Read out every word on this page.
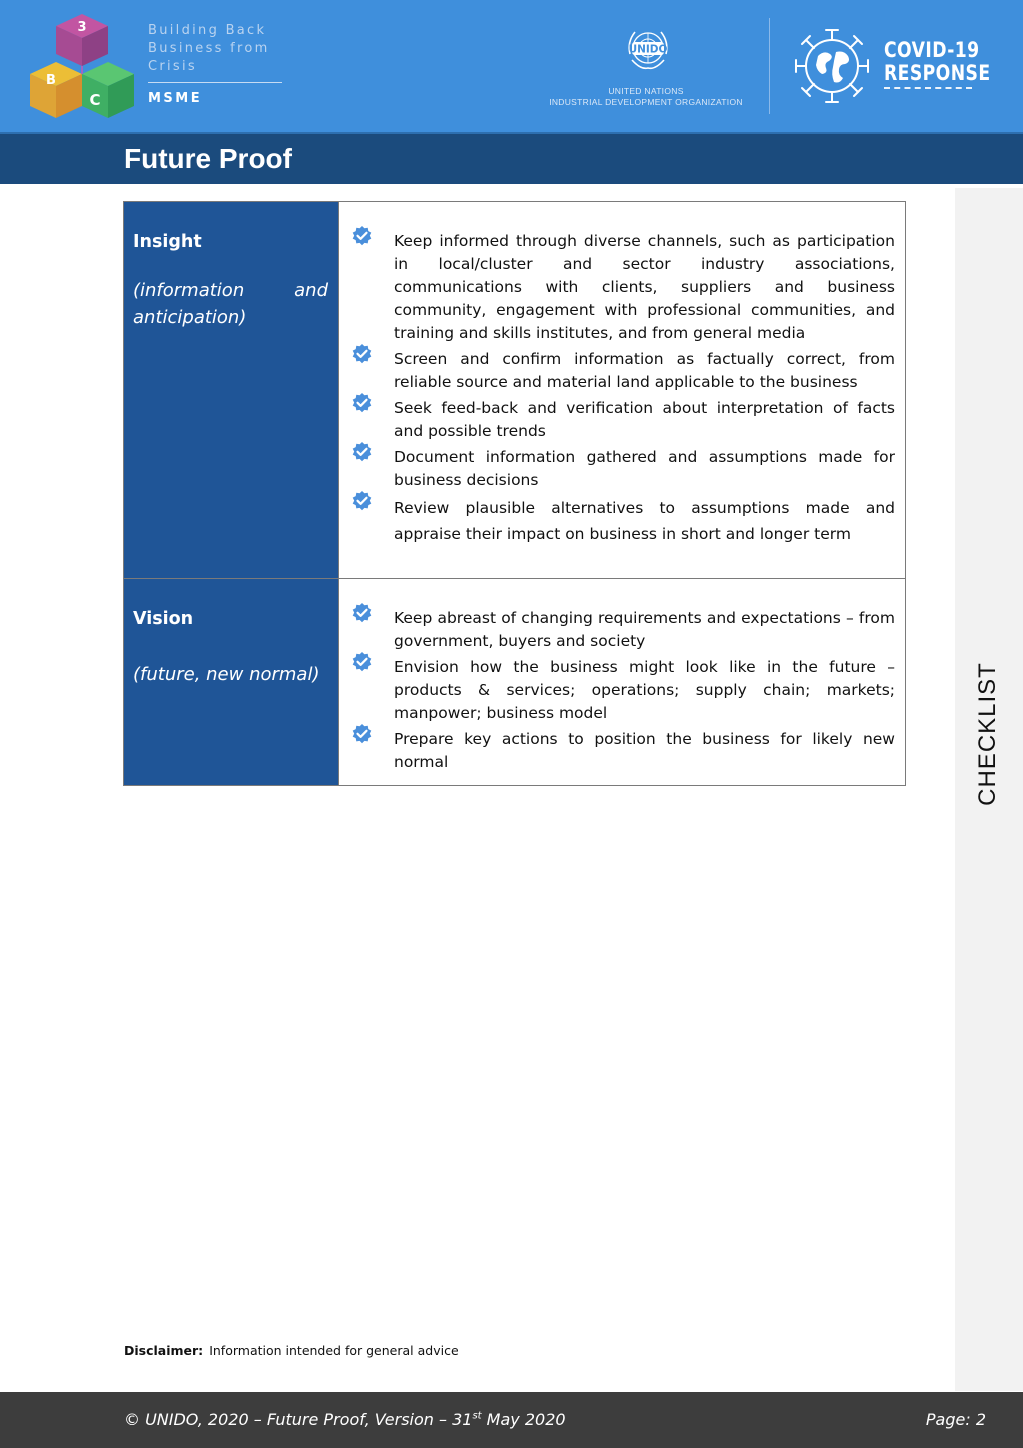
3
B
C
Building Back
Business from
Crisis
MSME
UNIDO
UNITED NATIONS
INDUSTRIAL DEVELOPMENT ORGANIZATION
COVID-19
RESPONSE
Future Proof
CHECKLIST
Insight
(information	and
anticipation)
Keep informed through diverse channels, such as participation in local/cluster and sector industry associations, communications with clients, suppliers and business community, engagement with professional communities, and training and skills institutes, and from general media
Screen and confirm information as factually correct, from reliable source and material land applicable to the business
Seek feed-back and verification about interpretation of facts and possible trends
Document information gathered and assumptions made for business decisions
Review plausible alternatives to assumptions made and appraise their impact on business in short and longer term
Vision
(future, new normal)
Keep abreast of changing requirements and expectations – from government, buyers and society
Envision how the business might look like in the future – products & services; operations; supply chain; markets; manpower; business model
Prepare key actions to position the business for likely new normal
Disclaimer: Information intended for general advice
© UNIDO, 2020 – Future Proof, Version – 31st May 2020	Page: 2
